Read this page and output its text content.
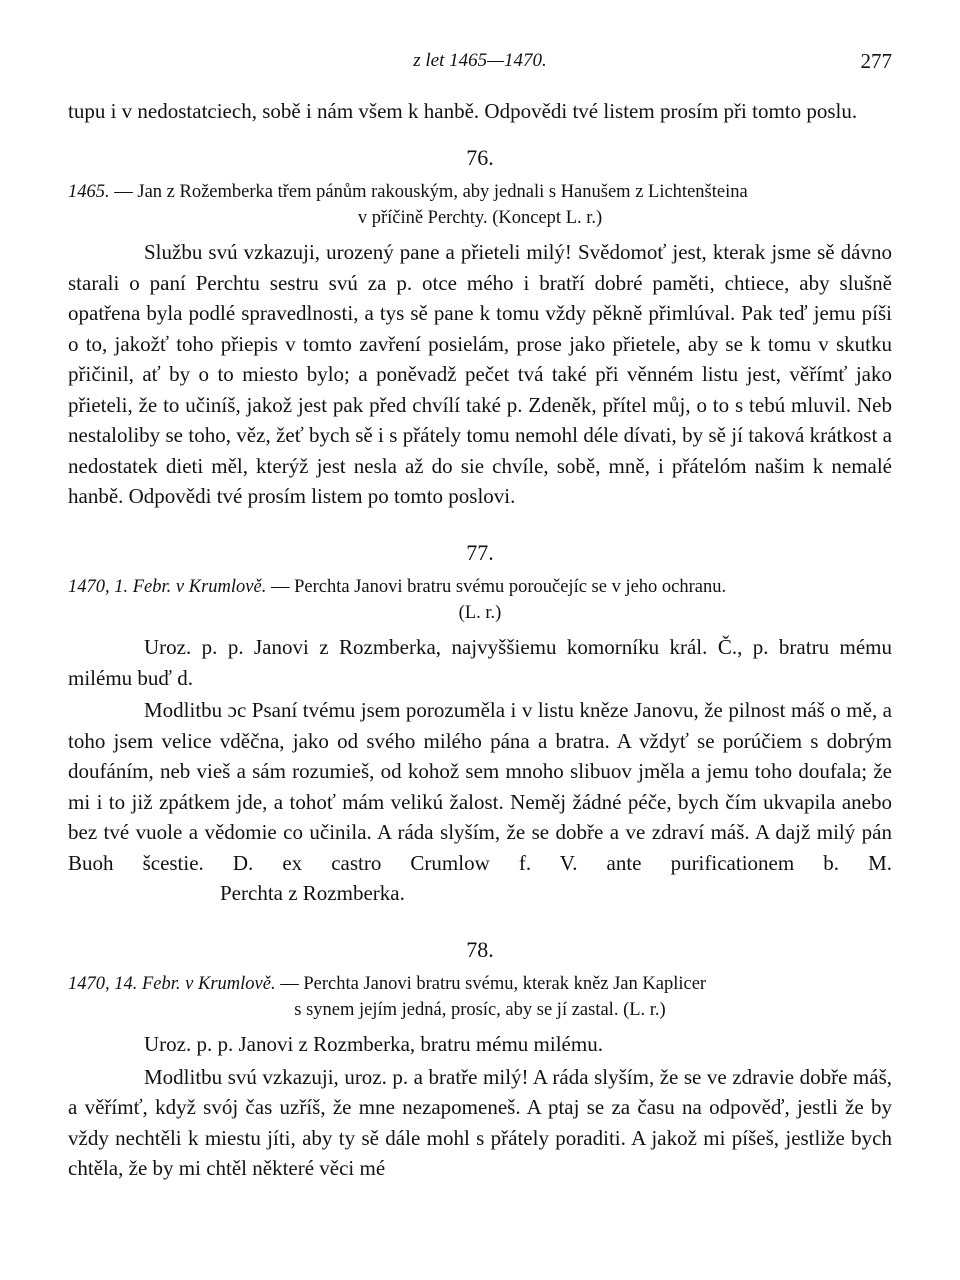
z let 1465—1470.	277

tupu i v nedostatciech, sobě i nám všem k hanbě. Odpovědi tvé listem prosím při tomto poslu.

76.

1465. — Jan z Rožemberka třem pánům rakouským, aby jednali s Hanušem z Lichtenšteina
v příčině Perchty. (Koncept L. r.)

Službu svú vzkazuji, urozený pane a přieteli milý! Svědomoť jest, kterak jsme sě dávno starali o paní Perchtu sestru svú za p. otce mého i bratří dobré paměti, chtiece, aby slušně opatřena byla podlé spravedlnosti, a tys sě pane k tomu vždy pěkně přimlúval. Pak teď jemu píši o to, jakožť toho přiepis v tomto zavření posielám, prose jako přietele, aby se k tomu v skutku přičinil, ať by o to miesto bylo; a poněvadž pečet tvá také při věnném listu jest, věřímť jako přieteli, že to učiníš, jakož jest pak před chvílí také p. Zdeněk, přítel můj, o to s tebú mluvil. Neb nestaloliby se toho, věz, žeť bych sě i s přátely tomu nemohl déle dívati, by sě jí taková krátkost a nedostatek dieti měl, kterýž jest nesla až do sie chvíle, sobě, mně, i přátelóm našim k nemalé hanbě. Odpovědi tvé prosím listem po tomto poslovi.

77.

1470, 1. Febr. v Krumlově. — Perchta Janovi bratru svému poroučejíc se v jeho ochranu.
(L. r.)

Uroz. p. p. Janovi z Rozmberka, najvyššiemu komorníku král. Č., p. bratru mému milému buď d.

Modlitbu ɔc Psaní tvému jsem porozuměla i v listu kněze Janovu, že pilnost máš o mě, a toho jsem velice vděčna, jako od svého milého pána a bratra. A vždyť se porúčiem s dobrým doufáním, neb vieš a sám rozumieš, od kohož sem mnoho slibuov jměla a jemu toho doufala; že mi i to již zpátkem jde, a tohoť mám velikú žalost. Neměj žádné péče, bych čím ukvapila anebo bez tvé vuole a vědomie co učinila. A ráda slyším, že se dobře a ve zdraví máš. A dajž milý pán Buoh šcestie. D. ex castro Crumlow f. V. ante purificationem b. M.Perchta z Rozmberka.

78.

1470, 14. Febr. v Krumlově. — Perchta Janovi bratru svému, kterak kněz Jan Kaplicer
s synem jejím jedná, prosíc, aby se jí zastal. (L. r.)

Uroz. p. p. Janovi z Rozmberka, bratru mému milému.

Modlitbu svú vzkazuji, uroz. p. a bratře milý! A ráda slyším, že se ve zdravie dobře máš, a věřímť, když svój čas uzříš, že mne nezapomeneš. A ptaj se za času na odpověď, jestli že by vždy nechtěli k miestu jíti, aby ty sě dále mohl s přátely poraditi. A jakož mi píšeš, jestliže bych chtěla, že by mi chtěl některé věci mé
